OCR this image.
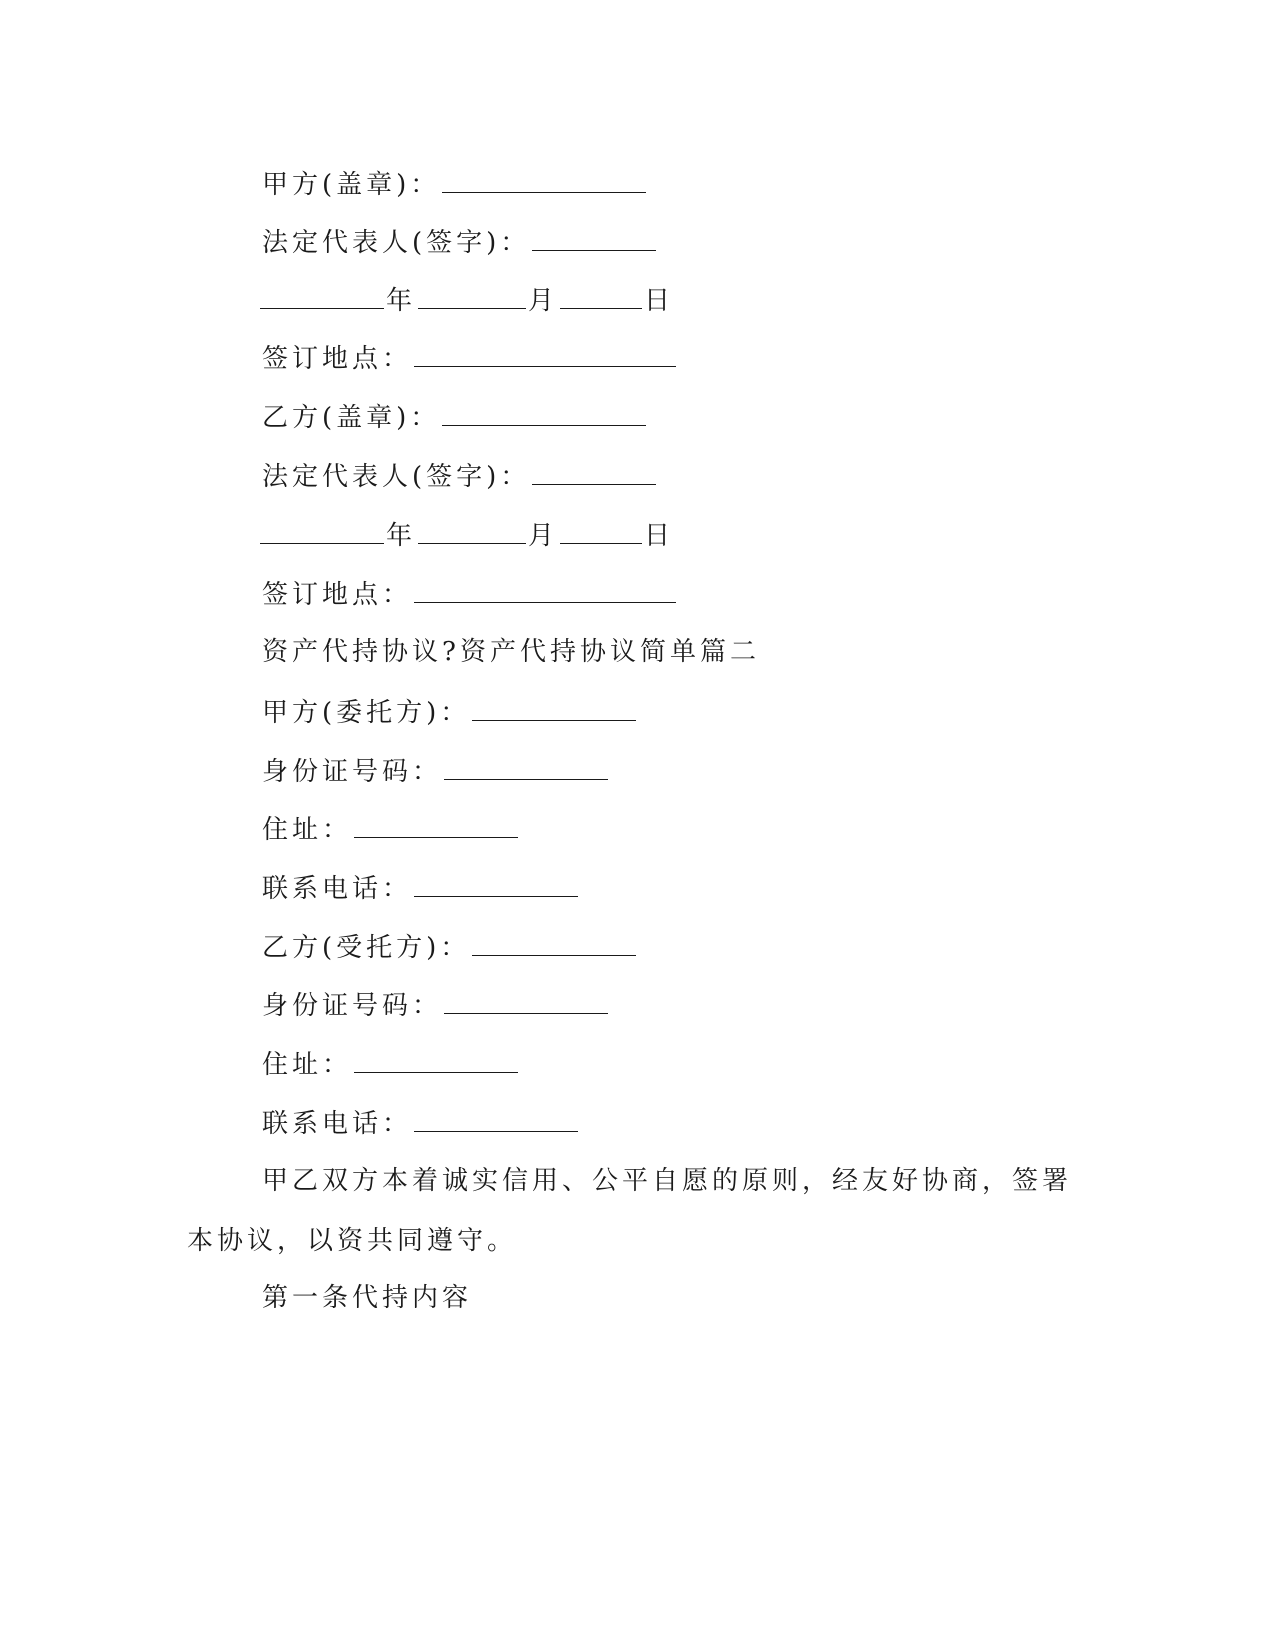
甲方(盖章)：
法定代表人(签字)：
年	月	日
签订地点：
乙方(盖章)：
法定代表人(签字)：
年	月	日
签订地点：
资产代持协议?资产代持协议简单篇二
甲方(委托方)：
身份证号码：
住址：
联系电话：
乙方(受托方)：
身份证号码：
住址：
联系电话：
甲乙双方本着诚实信用、公平自愿的原则，经友好协商，签署本协议，以资共同遵守。
第一条代持内容
